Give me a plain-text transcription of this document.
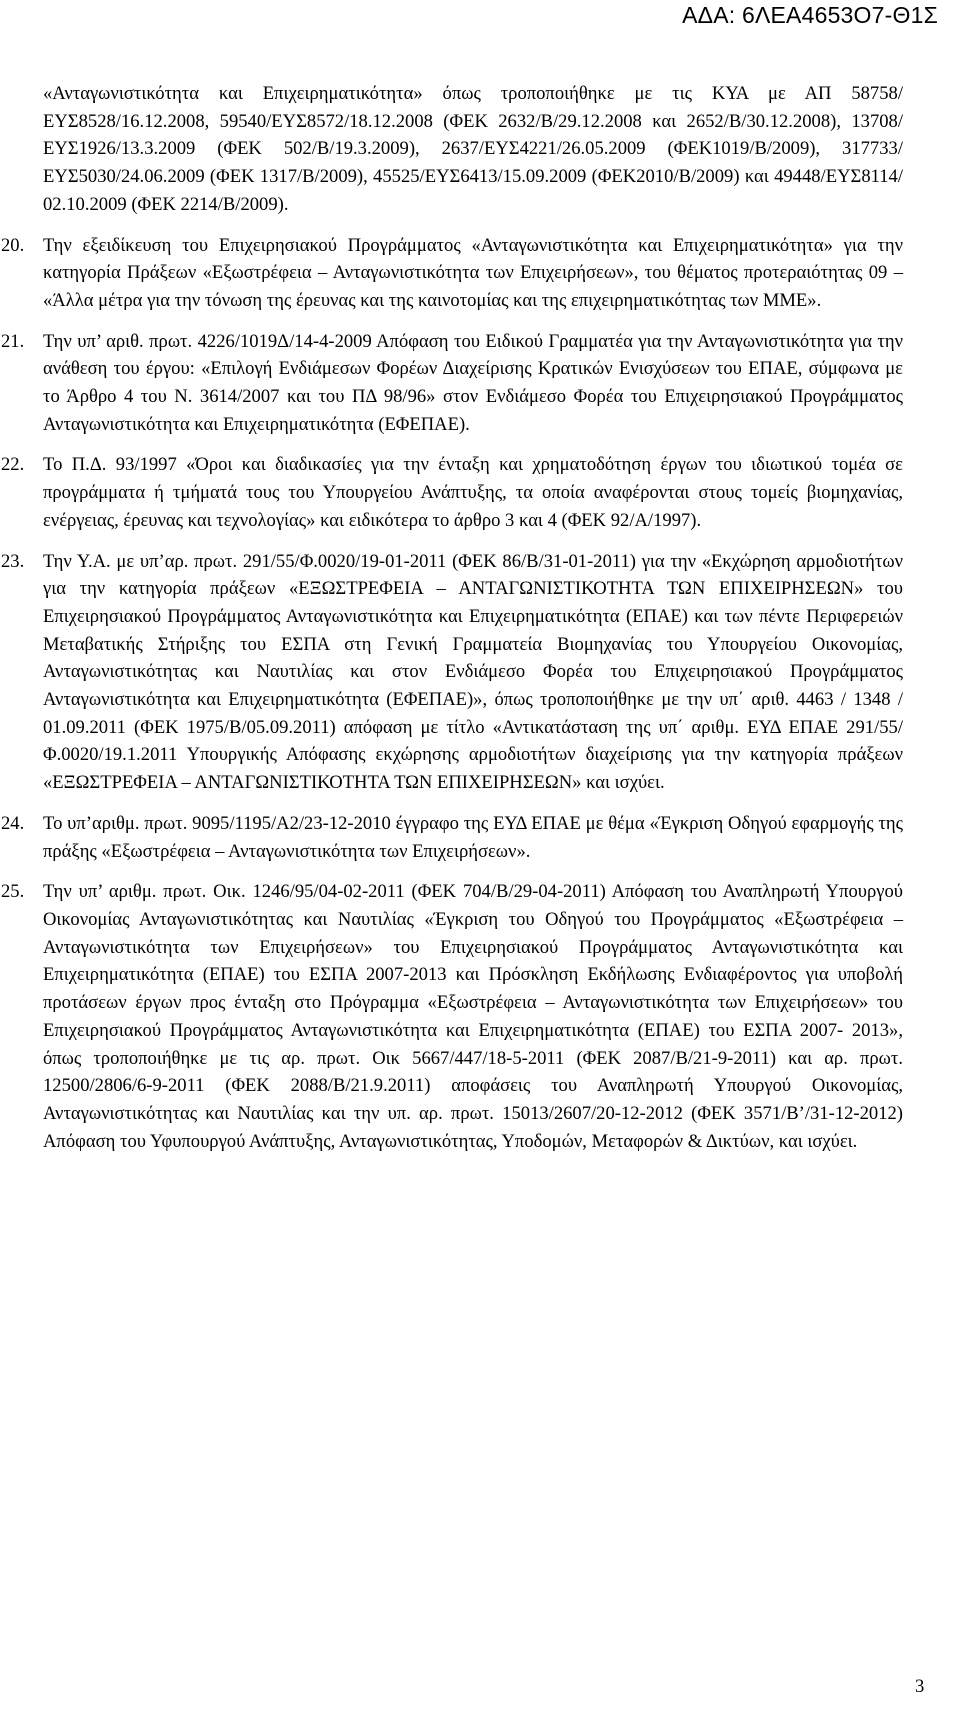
ΑΔΑ: 6ΛΕΑ4653Ο7-Θ1Σ

«Ανταγωνιστικότητα και Επιχειρηματικότητα» όπως τροποποιήθηκε με τις ΚΥΑ με ΑΠ 58758/ΕΥΣ8528/16.12.2008, 59540/ΕΥΣ8572/18.12.2008 (ΦΕΚ 2632/Β/29.12.2008 και 2652/Β/30.12.2008), 13708/ΕΥΣ1926/13.3.2009 (ΦΕΚ 502/Β/19.3.2009), 2637/ΕΥΣ4221/26.05.2009 (ΦΕΚ1019/Β/2009), 317733/ΕΥΣ5030/24.06.2009 (ΦΕΚ 1317/Β/2009), 45525/ΕΥΣ6413/15.09.2009 (ΦΕΚ2010/Β/2009) και 49448/ΕΥΣ8114/ 02.10.2009 (ΦΕΚ 2214/Β/2009).

20. Την εξειδίκευση του Επιχειρησιακού Προγράμματος «Ανταγωνιστικότητα και Επιχειρηματικότητα» για την κατηγορία Πράξεων «Εξωστρέφεια – Ανταγωνιστικότητα των Επιχειρήσεων», του θέματος προτεραιότητας 09 – «Άλλα μέτρα για την τόνωση της έρευνας και της καινοτομίας και της επιχειρηματικότητας των ΜΜΕ».
21. Την υπ’ αριθ. πρωτ. 4226/1019Δ/14-4-2009 Απόφαση του Ειδικού Γραμματέα για την Ανταγωνιστικότητα για την ανάθεση του έργου: «Επιλογή Ενδιάμεσων Φορέων Διαχείρισης Κρατικών Ενισχύσεων του ΕΠΑΕ, σύμφωνα με το Άρθρο 4 του Ν. 3614/2007 και του ΠΔ 98/96» στον Ενδιάμεσο Φορέα του Επιχειρησιακού Προγράμματος Ανταγωνιστικότητα και Επιχειρηματικότητα (ΕΦΕΠΑΕ).
22. Το Π.Δ. 93/1997 «Όροι και διαδικασίες για την ένταξη και χρηματοδότηση έργων του ιδιωτικού τομέα σε προγράμματα ή τμήματά τους του Υπουργείου Ανάπτυξης, τα οποία αναφέρονται στους τομείς βιομηχανίας, ενέργειας, έρευνας και τεχνολογίας» και ειδικότερα το άρθρο 3 και 4 (ΦΕΚ 92/Α/1997).
23. Την Υ.Α. με υπ’αρ. πρωτ. 291/55/Φ.0020/19-01-2011 (ΦΕΚ 86/Β/31-01-2011) για την «Εκχώρηση αρμοδιοτήτων για την κατηγορία πράξεων «ΕΞΩΣΤΡΕΦΕΙΑ – ΑΝΤΑΓΩΝΙΣΤΙΚΟΤΗΤΑ ΤΩΝ ΕΠΙΧΕΙΡΗΣΕΩΝ» του Επιχειρησιακού Προγράμματος Ανταγωνιστικότητα και Επιχειρηματικότητα (ΕΠΑΕ) και των πέντε Περιφερειών Μεταβατικής Στήριξης του ΕΣΠΑ στη Γενική Γραμματεία Βιομηχανίας του Υπουργείου Οικονομίας, Ανταγωνιστικότητας και Ναυτιλίας και στον Ενδιάμεσο Φορέα του Επιχειρησιακού Προγράμματος Ανταγωνιστικότητα και Επιχειρηματικότητα (ΕΦΕΠΑΕ)», όπως τροποποιήθηκε με την υπ΄ αριθ. 4463 / 1348 / 01.09.2011 (ΦΕΚ 1975/Β/05.09.2011) απόφαση με τίτλο «Αντικατάσταση της υπ΄ αριθμ. ΕΥΔ ΕΠΑΕ 291/55/Φ.0020/19.1.2011 Υπουργικής Απόφασης εκχώρησης αρμοδιοτήτων διαχείρισης για την κατηγορία πράξεων «ΕΞΩΣΤΡΕΦΕΙΑ – ΑΝΤΑΓΩΝΙΣΤΙΚΟΤΗΤΑ ΤΩΝ ΕΠΙΧΕΙΡΗΣΕΩΝ» και ισχύει.
24. Το υπ’αριθμ. πρωτ. 9095/1195/Α2/23-12-2010 έγγραφο της ΕΥΔ ΕΠΑΕ με θέμα «Έγκριση Οδηγού εφαρμογής της πράξης «Εξωστρέφεια – Ανταγωνιστικότητα των Επιχειρήσεων».
25. Την υπ’ αριθμ. πρωτ. Οικ. 1246/95/04-02-2011 (ΦΕΚ 704/Β/29-04-2011) Απόφαση του Αναπληρωτή Υπουργού Οικονομίας Ανταγωνιστικότητας και Ναυτιλίας «Έγκριση του Οδηγού του Προγράμματος «Εξωστρέφεια – Ανταγωνιστικότητα των Επιχειρήσεων» του Επιχειρησιακού Προγράμματος Ανταγωνιστικότητα και Επιχειρηματικότητα (ΕΠΑΕ) του ΕΣΠΑ 2007-2013 και Πρόσκληση Εκδήλωσης Ενδιαφέροντος για υποβολή προτάσεων έργων προς ένταξη στο Πρόγραμμα «Εξωστρέφεια – Ανταγωνιστικότητα των Επιχειρήσεων» του Επιχειρησιακού Προγράμματος Ανταγωνιστικότητα και Επιχειρηματικότητα (ΕΠΑΕ) του ΕΣΠΑ 2007- 2013», όπως τροποποιήθηκε με τις αρ. πρωτ. Οικ 5667/447/18-5-2011 (ΦΕΚ 2087/Β/21-9-2011) και αρ. πρωτ. 12500/2806/6-9-2011 (ΦΕΚ 2088/Β/21.9.2011) αποφάσεις του Αναπληρωτή Υπουργού Οικονομίας, Ανταγωνιστικότητας και Ναυτιλίας και την υπ. αρ. πρωτ. 15013/2607/20-12-2012 (ΦΕΚ 3571/Β’/31-12-2012) Απόφαση του Υφυπουργού Ανάπτυξης, Ανταγωνιστικότητας, Υποδομών, Μεταφορών & Δικτύων, και ισχύει.
3
